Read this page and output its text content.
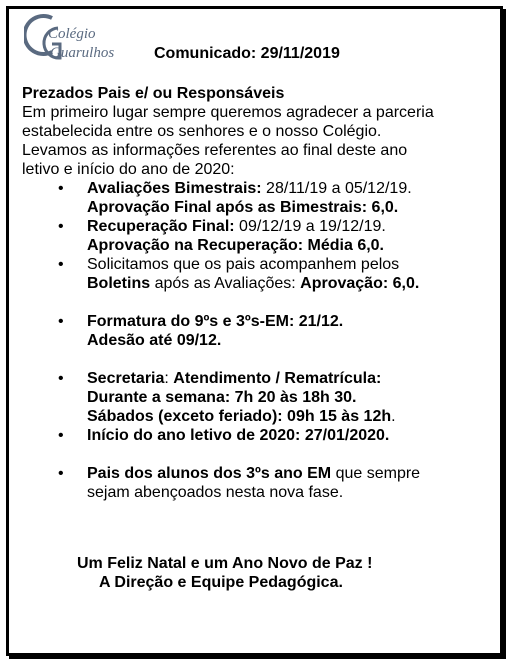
Colégio
Guarulhos Comunicado: 29/11/2019

Prezados Pais e/ ou Responsáveis

Em primeiro lugar sempre queremos agradecer a parceria

estabelecida entre os senhores e o nosso Colégio.

Levamos as informações referentes ao final deste ano

letivo e início do ano de 2020:

• Avaliações Bimestrais: 28/11/19 a 05/12/19.
Aprovação Final após as Bimestrais: 6,0.
• Recuperação Final: 09/12/19 a 19/12/19.
Aprovação na Recuperação: Média 6,0.
• Solicitamos que os pais acompanhem pelos
Boletins após as Avaliações: Aprovação: 6,0.
• Formatura do 9ºs e 3ºs-EM: 21/12.
Adesão até 09/12.
• Secretaria: Atendimento / Rematrícula:
Durante a semana: 7h 20 às 18h 30.
Sábados (exceto feriado): 09h 15 às 12h.
• Início do ano letivo de 2020: 27/01/2020.
• Pais dos alunos dos 3ºs ano EM que sempre
sejam abençoados nesta nova fase.
Um Feliz Natal e um Ano Novo de Paz !
A Direção e Equipe Pedagógica.
